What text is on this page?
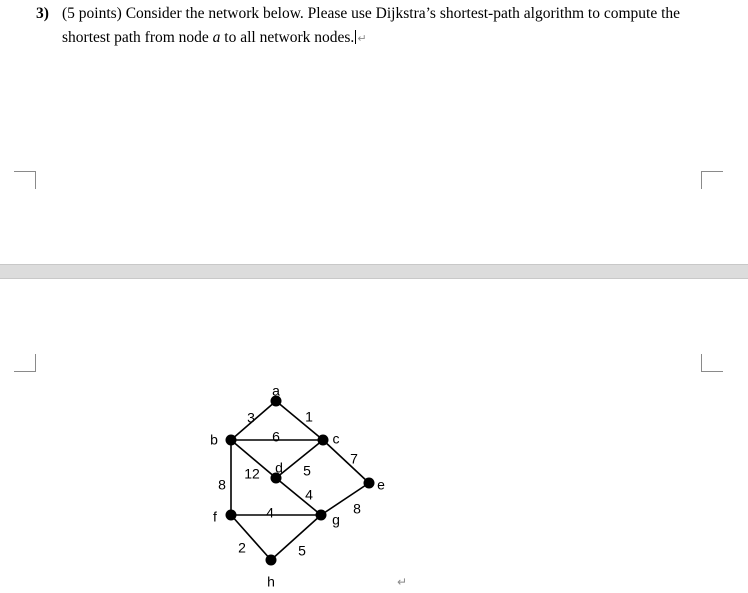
3) (5 points) Consider the network below. Please use Dijkstra’s shortest-path algorithm to compute the
shortest path from node a to all network nodes. ↵
3	1
6
12
8
5
7
4
8
4
2	5
a
b	c
d
e
f	g
h	↵
